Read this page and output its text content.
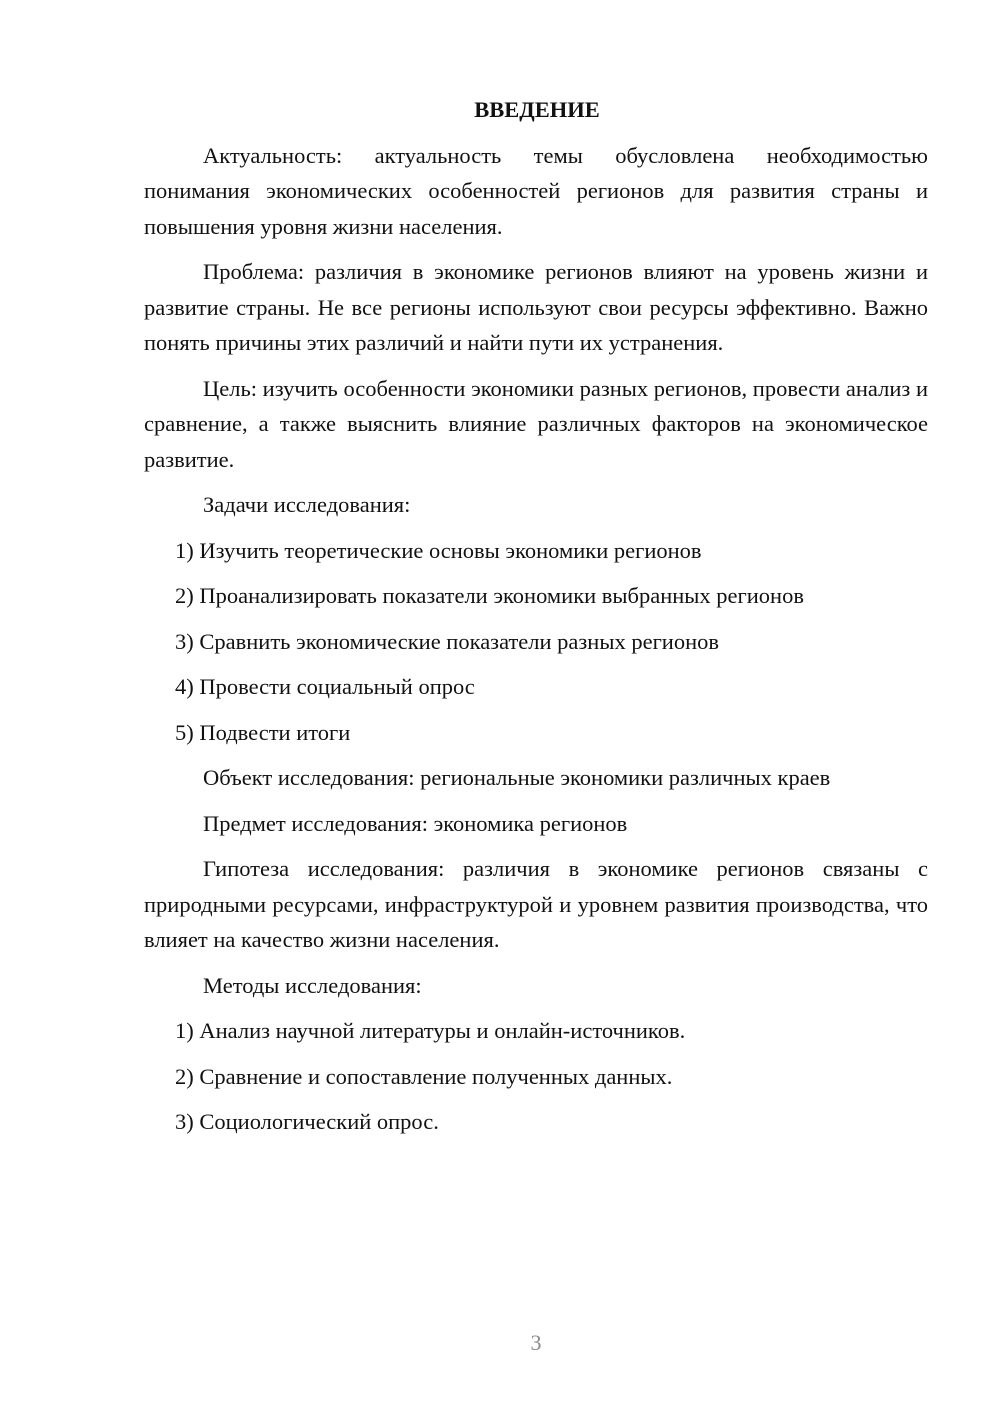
ВВЕДЕНИЕ
Актуальность: актуальность темы обусловлена необходимостью понимания экономических особенностей регионов для развития страны и повышения уровня жизни населения.
Проблема: различия в экономике регионов влияют на уровень жизни и развитие страны. Не все регионы используют свои ресурсы эффективно. Важно понять причины этих различий и найти пути их устранения.
Цель: изучить особенности экономики разных регионов, провести анализ и сравнение, а также выяснить влияние различных факторов на экономическое развитие.
Задачи исследования:
1) Изучить теоретические основы экономики регионов
2) Проанализировать показатели экономики выбранных регионов
3) Сравнить экономические показатели разных регионов
4) Провести социальный опрос
5) Подвести итоги
Объект исследования: региональные экономики различных краев
Предмет исследования: экономика регионов
Гипотеза исследования: различия в экономике регионов связаны с природными ресурсами, инфраструктурой и уровнем развития производства, что влияет на качество жизни населения.
Методы исследования:
1) Анализ научной литературы и онлайн-источников.
2) Сравнение и сопоставление полученных данных.
3) Социологический опрос.
3
